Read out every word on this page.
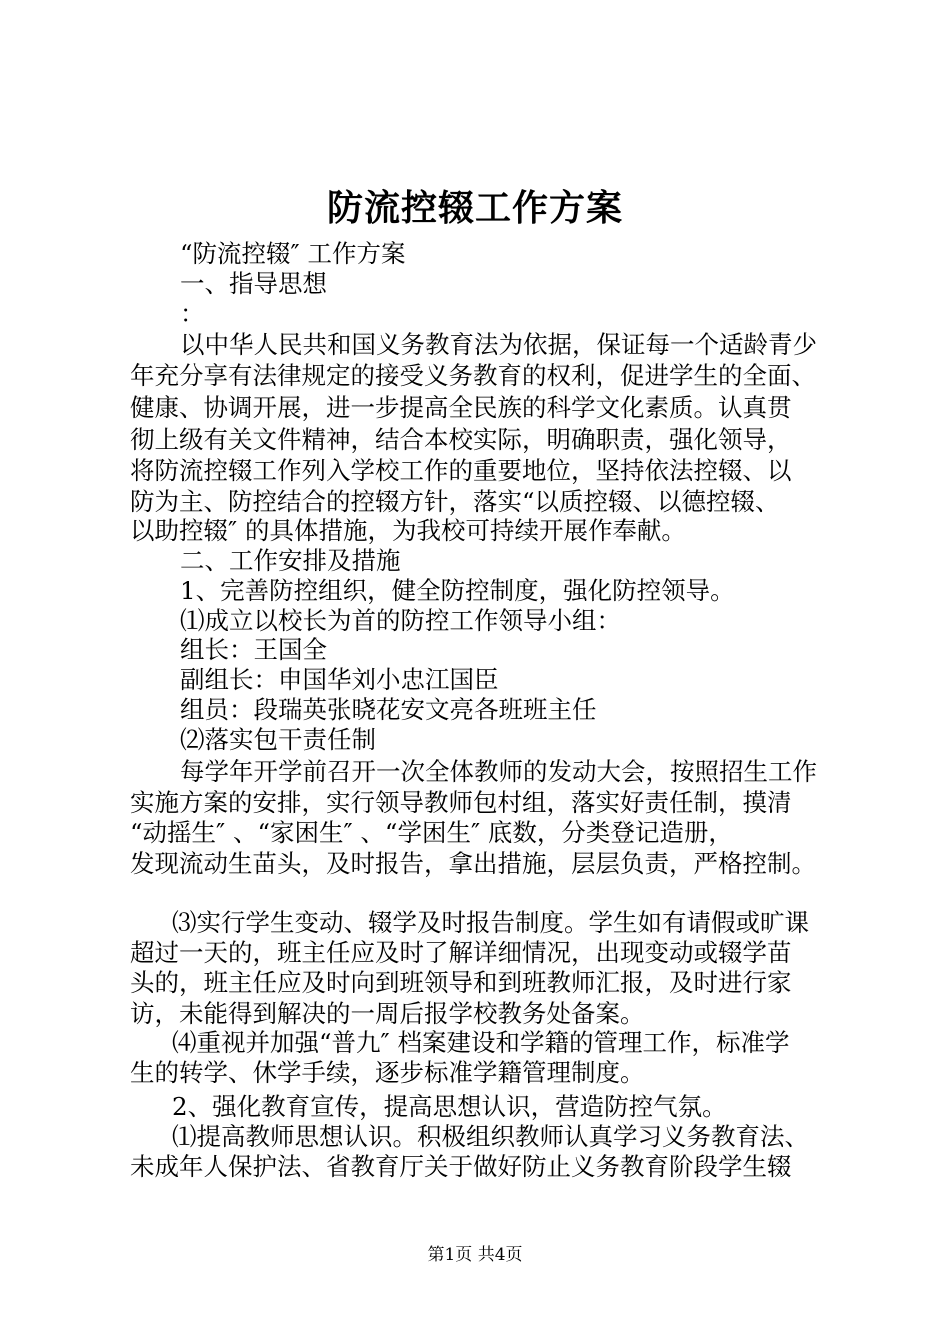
防流控辍工作方案
“防流控辍″ 工作方案
一、指导思想
：
以中华人民共和国义务教育法为依据，保证每一个适龄青少
年充分享有法律规定的接受义务教育的权利，促进学生的全面、
健康、协调开展，进一步提高全民族的科学文化素质。认真贯
彻上级有关文件精神，结合本校实际，明确职责，强化领导，
将防流控辍工作列入学校工作的重要地位，坚持依法控辍、以
防为主、防控结合的控辍方针，落实“以质控辍、以德控辍、
以助控辍″ 的具体措施，为我校可持续开展作奉献。
二、工作安排及措施
1、完善防控组织，健全防控制度，强化防控领导。
⑴成立以校长为首的防控工作领导小组：
组长：王国全
副组长：申国华刘小忠江国臣
组员：段瑞英张晓花安文亮各班班主任
⑵落实包干责任制
每学年开学前召开一次全体教师的发动大会，按照招生工作
实施方案的安排，实行领导教师包村组，落实好责任制，摸清
“动摇生″ 、“家困生″ 、“学困生″ 底数，分类登记造册，
发现流动生苗头，及时报告，拿出措施，层层负责，严格控制。
⑶实行学生变动、辍学及时报告制度。学生如有请假或旷课
超过一天的，班主任应及时了解详细情况，出现变动或辍学苗
头的，班主任应及时向到班领导和到班教师汇报，及时进行家
访，未能得到解决的一周后报学校教务处备案。
⑷重视并加强“普九″ 档案建设和学籍的管理工作，标准学
生的转学、休学手续，逐步标准学籍管理制度。
2、强化教育宣传，提高思想认识，营造防控气氛。
⑴提高教师思想认识。积极组织教师认真学习义务教育法、
未成年人保护法、省教育厅关于做好防止义务教育阶段学生辍
第1页 共4页
